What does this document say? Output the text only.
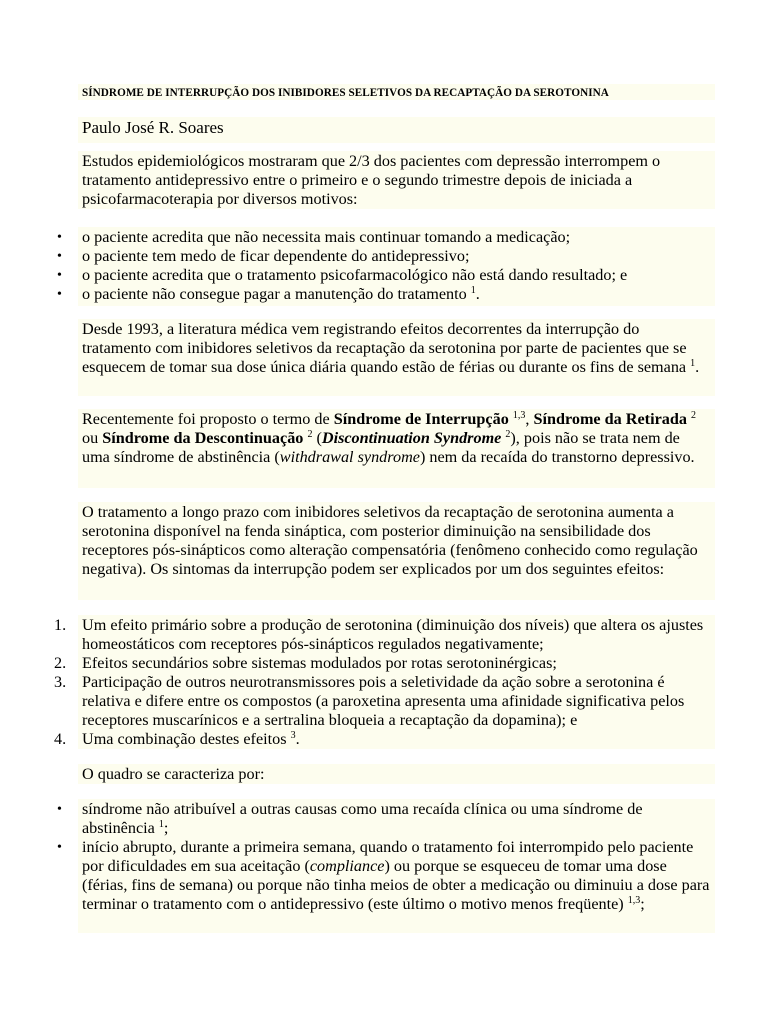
SÍNDROME DE INTERRUPÇÃO DOS INIBIDORES SELETIVOS DA RECAPTAÇÃO DA SEROTONINA
Paulo José R. Soares
Estudos epidemiológicos mostraram que 2/3 dos pacientes com depressão interrompem o tratamento antidepressivo entre o primeiro e o segundo trimestre depois de iniciada a psicofarmacoterapia por diversos motivos:
• o paciente acredita que não necessita mais continuar tomando a medicação;
• o paciente tem medo de ficar dependente do antidepressivo;
• o paciente acredita que o tratamento psicofarmacológico não está dando resultado; e
• o paciente não consegue pagar a manutenção do tratamento $^1$.
Desde 1993, a literatura médica vem registrando efeitos decorrentes da interrupção do tratamento com inibidores seletivos da recaptação da serotonina por parte de pacientes que se esquecem de tomar sua dose única diária quando estão de férias ou durante os fins de semana $^1$.
Recentemente foi proposto o termo de Síndrome de Interrupção $^{1,3}$, Síndrome da Retirada $^2$ ou Síndrome da Descontinuação $^2$ (Discontinuation Syndrome $^2$), pois não se trata nem de uma síndrome de abstinência (withdrawal syndrome) nem da recaída do transtorno depressivo.
O tratamento a longo prazo com inibidores seletivos da recaptação de serotonina aumenta a serotonina disponível na fenda sináptica, com posterior diminuição na sensibilidade dos receptores pós-sinápticos como alteração compensatória (fenômeno conhecido como regulação negativa). Os sintomas da interrupção podem ser explicados por um dos seguintes efeitos:
1. Um efeito primário sobre a produção de serotonina (diminuição dos níveis) que altera os ajustes homeostáticos com receptores pós-sinápticos regulados negativamente;
2. Efeitos secundários sobre sistemas modulados por rotas serotoninérgicas;
3. Participação de outros neurotransmissores pois a seletividade da ação sobre a serotonina é relativa e difere entre os compostos (a paroxetina apresenta uma afinidade significativa pelos receptores muscarínicos e a sertralina bloqueia a recaptação da dopamina); e
4. Uma combinação destes efeitos $^3$.
O quadro se caracteriza por:
• síndrome não atribuível a outras causas como uma recaída clínica ou uma síndrome de abstinência $^1$;
• início abrupto, durante a primeira semana, quando o tratamento foi interrompido pelo paciente por dificuldades em sua aceitação (compliance) ou porque se esqueceu de tomar uma dose (férias, fins de semana) ou porque não tinha meios de obter a medicação ou diminuiu a dose para terminar o tratamento com o antidepressivo (este último o motivo menos freqüente) $^{1,3}$;
